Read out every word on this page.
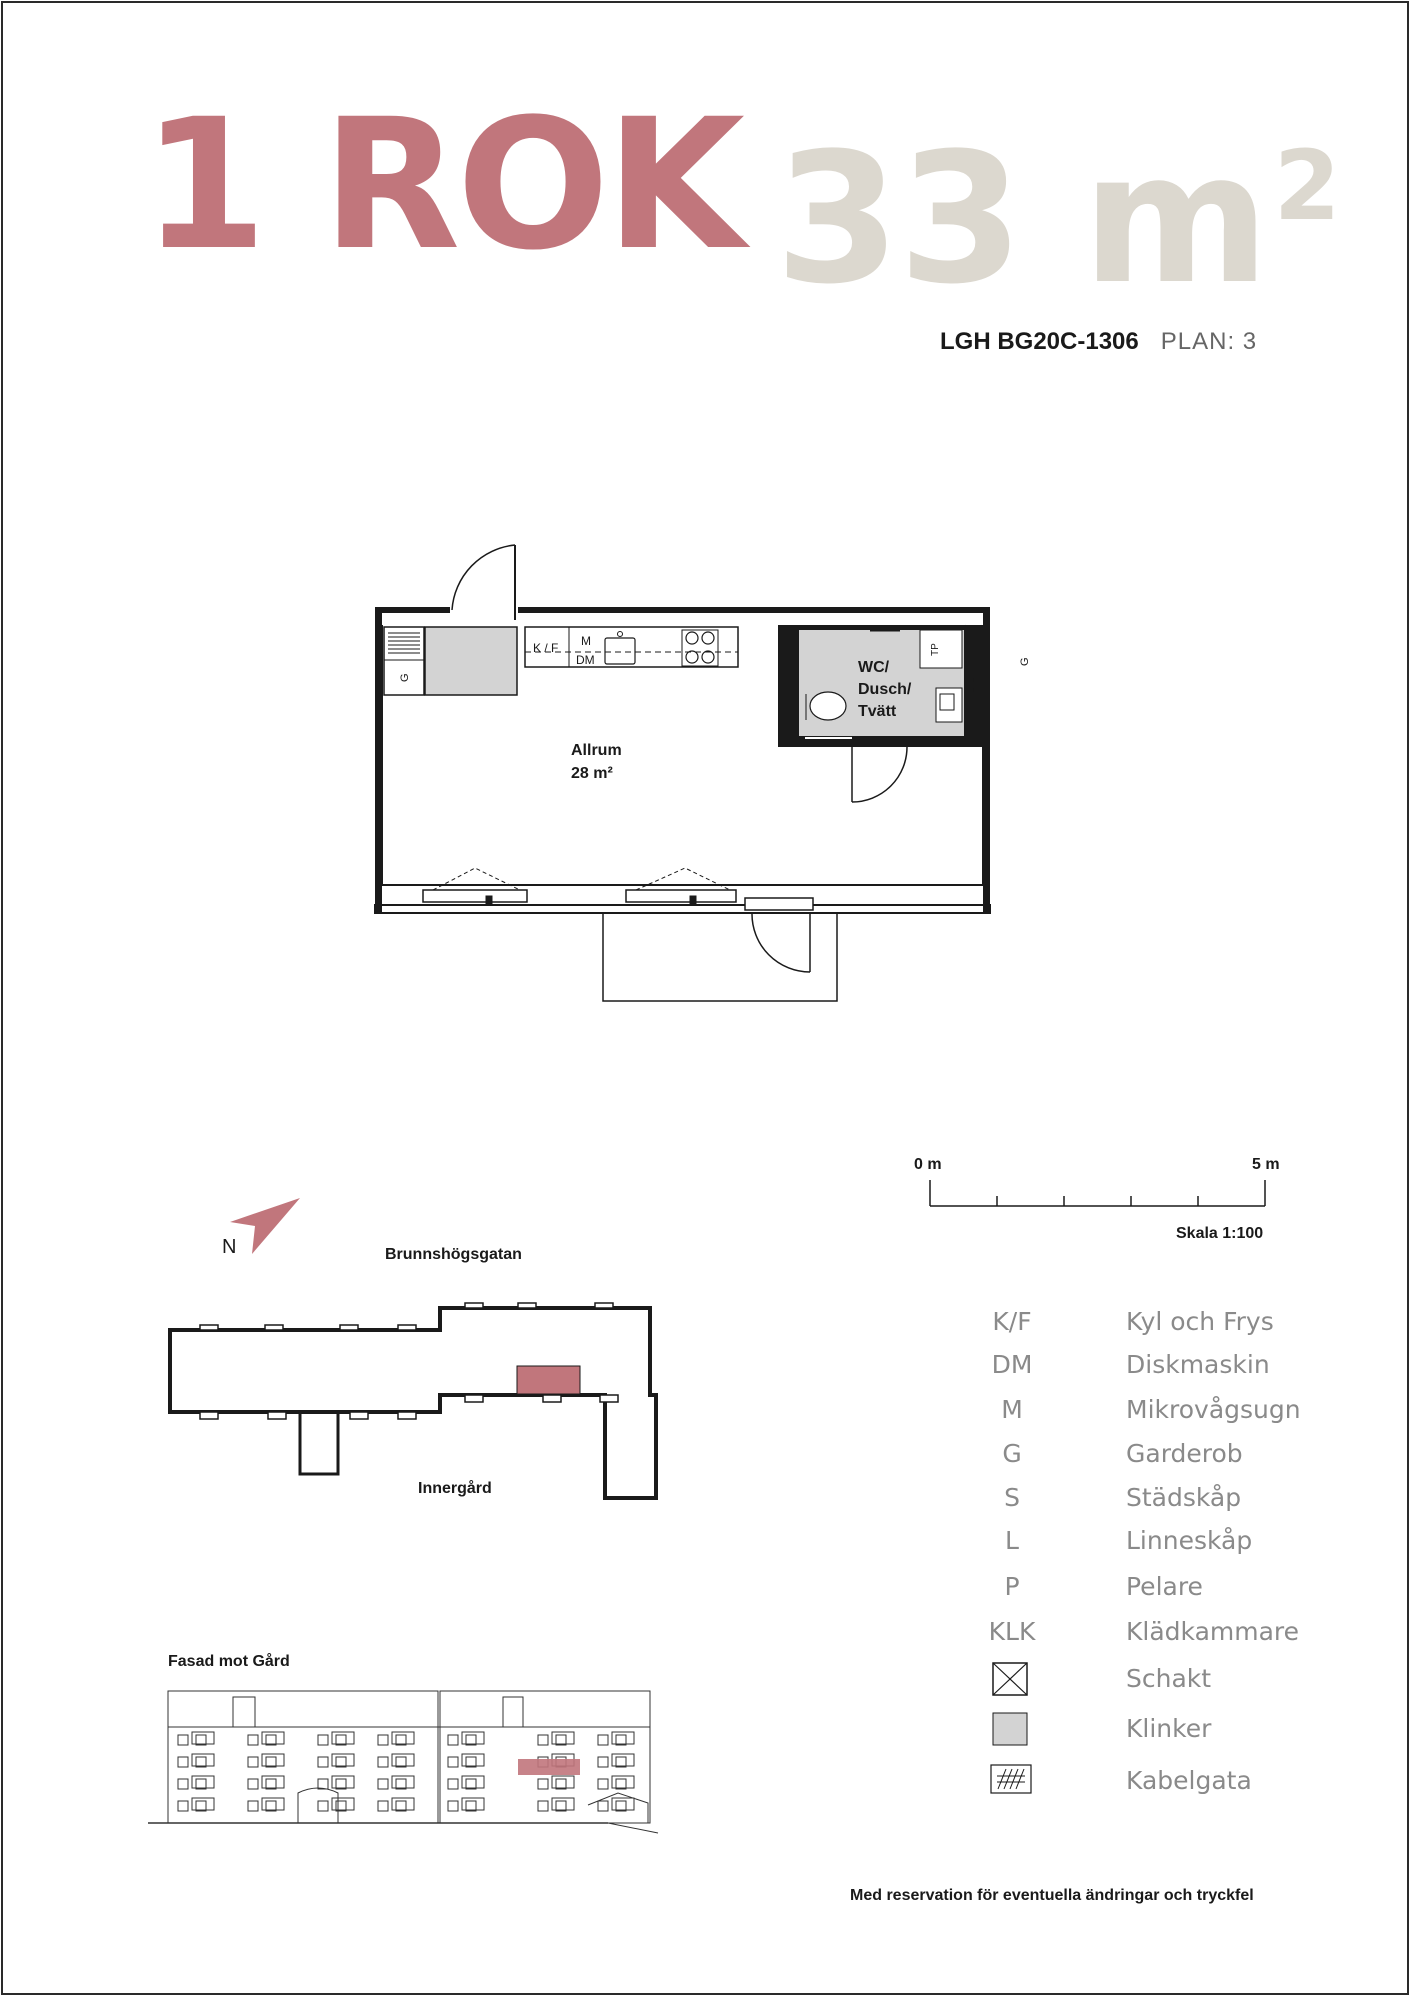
1 ROK 33 $m^2$
LGH BG20C-1306 PLAN: 3
Allrum
28 m²
WC/
Dusch/
Tvätt
K / F M
DM
TP
G
G
0 m	5 m
Skala 1:100
K/F	Kyl och Frys
DM	Diskmaskin
M	Mikrovågsugn
G	Garderob
S	Städskåp
L	Linneskåp
P	Pelare
KLK	Klädkammare
Schakt
Klinker
Kabelgata
N	Brunnshögsgatan
Innergård
Fasad mot Gård
Med reservation för eventuella ändringar och tryckfel
